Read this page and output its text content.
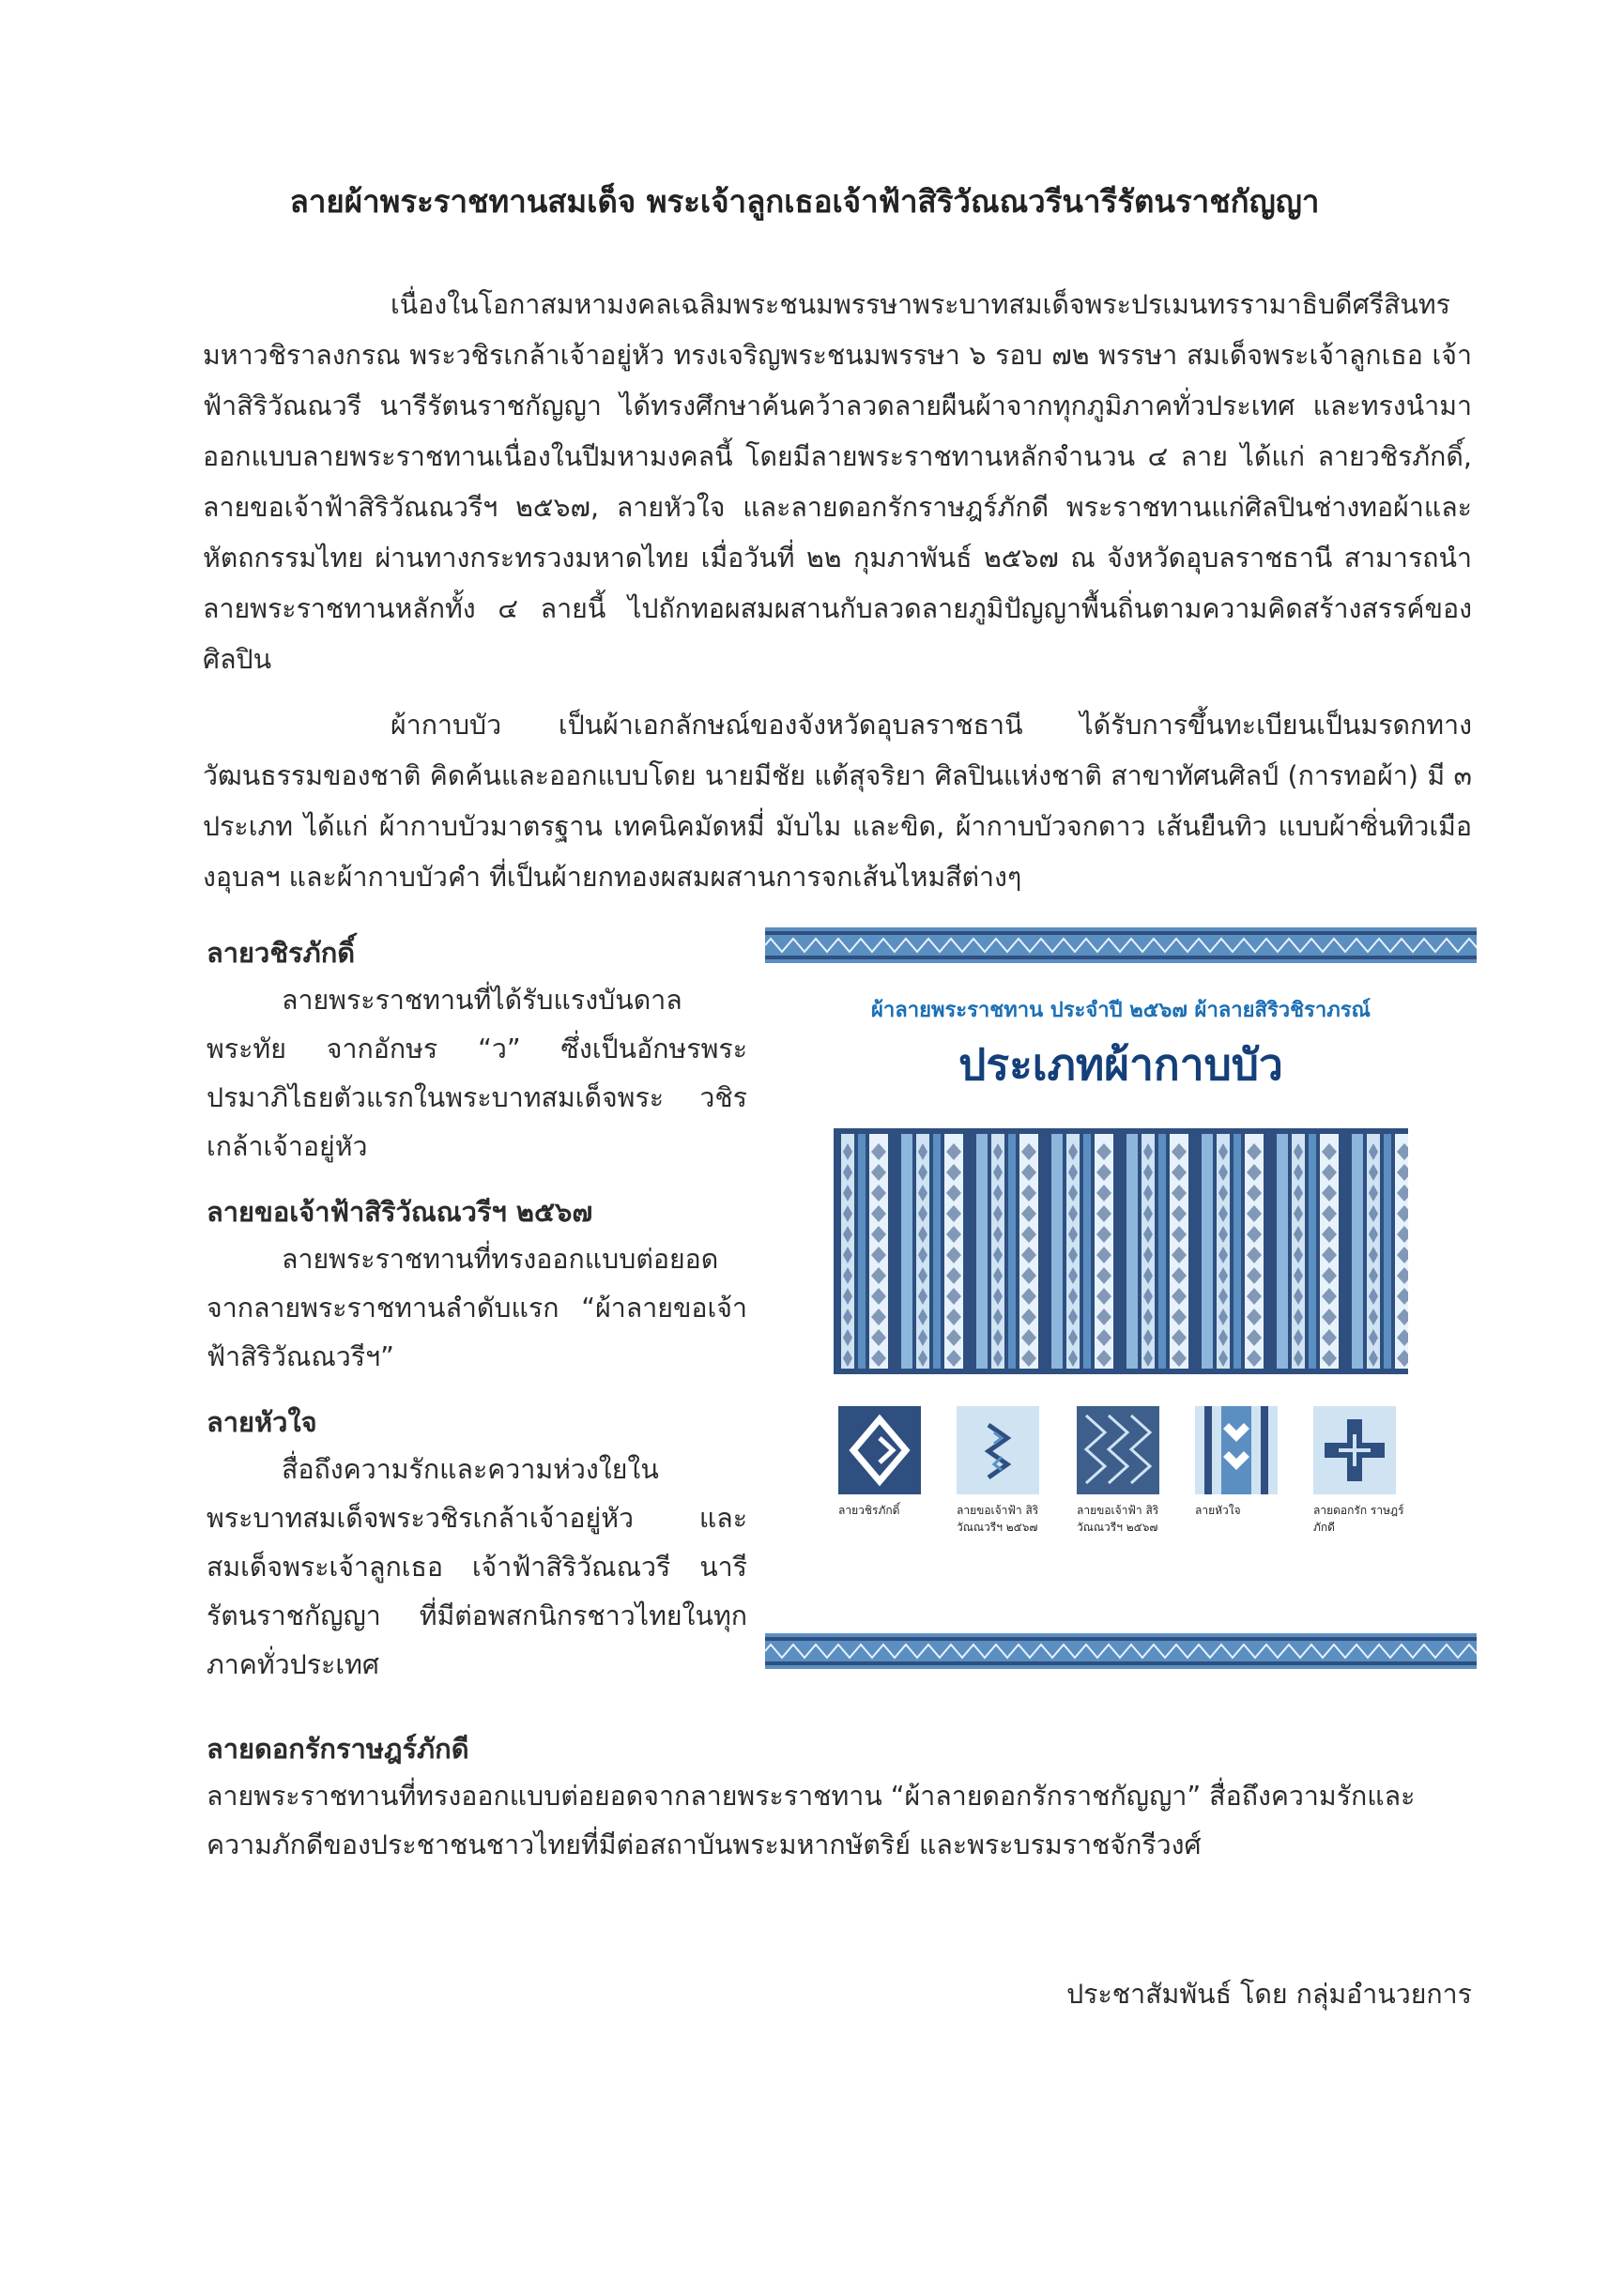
ลายผ้าพระราชทานสมเด็จ พระเจ้าลูกเธอเจ้าฟ้าสิริวัณณวรีนารีรัตนราชกัญญา
เนื่องในโอกาสมหามงคลเฉลิมพระชนมพรรษาพระบาทสมเด็จพระปรเมนทรรามาธิบดีศรีสินทรมหาวชิราลงกรณ พระวชิรเกล้าเจ้าอยู่หัว ทรงเจริญพระชนมพรรษา ๖ รอบ ๗๒ พรรษา สมเด็จพระเจ้าลูกเธอ เจ้าฟ้าสิริวัณณวรี นารีรัตนราชกัญญา ได้ทรงศึกษาค้นคว้าลวดลายผืนผ้าจากทุกภูมิภาคทั่วประเทศ และทรงนำมาออกแบบลายพระราชทานเนื่องในปีมหามงคลนี้ โดยมีลายพระราชทานหลักจำนวน ๔ ลาย ได้แก่ ลายวชิรภักดิ์, ลายขอเจ้าฟ้าสิริวัณณวรีฯ ๒๕๖๗, ลายหัวใจ และลายดอกรักราษฎร์ภักดี พระราชทานแก่ศิลปินช่างทอผ้าและหัตถกรรมไทย ผ่านทางกระทรวงมหาดไทย เมื่อวันที่ ๒๒ กุมภาพันธ์ ๒๕๖๗ ณ จังหวัดอุบลราชธานี สามารถนำลายพระราชทานหลักทั้ง ๔ ลายนี้ ไปถักทอผสมผสานกับลวดลายภูมิปัญญาพื้นถิ่นตามความคิดสร้างสรรค์ของศิลปิน
ผ้ากาบบัว เป็นผ้าเอกลักษณ์ของจังหวัดอุบลราชธานี ได้รับการขึ้นทะเบียนเป็นมรดกทางวัฒนธรรมของชาติ คิดค้นและออกแบบโดย นายมีชัย แต้สุจริยา ศิลปินแห่งชาติ สาขาทัศนศิลป์ (การทอผ้า) มี ๓ ประเภท ได้แก่ ผ้ากาบบัวมาตรฐาน เทคนิคมัดหมี่ มับไม และขิด, ผ้ากาบบัวจกดาว เส้นยืนทิว แบบผ้าซิ่นทิวเมืองอุบลฯ และผ้ากาบบัวคำ ที่เป็นผ้ายกทองผสมผสานการจกเส้นไหมสีต่างๆ

ลายวชิรภักดิ์

ลายพระราชทานที่ได้รับแรงบันดาลพระทัย จากอักษร “ว” ซึ่งเป็นอักษรพระปรมาภิไธยตัวแรกในพระบาทสมเด็จพระ วชิรเกล้าเจ้าอยู่หัว

ลายขอเจ้าฟ้าสิริวัณณวรีฯ ๒๕๖๗

ลายพระราชทานที่ทรงออกแบบต่อยอดจากลายพระราชทานลำดับแรก “ผ้าลายขอเจ้าฟ้าสิริวัณณวรีฯ”

ลายหัวใจ

สื่อถึงความรักและความห่วงใยในพระบาทสมเด็จพระวชิรเกล้าเจ้าอยู่หัว และสมเด็จพระเจ้าลูกเธอ เจ้าฟ้าสิริวัณณวรี นารีรัตนราชกัญญา ที่มีต่อพสกนิกรชาวไทยในทุกภาคทั่วประเทศ

ลายดอกรักราษฎร์ภักดี

ลายพระราชทานที่ทรงออกแบบต่อยอดจากลายพระราชทาน “ผ้าลายดอกรักราชกัญญา” สื่อถึงความรักและความภักดีของประชาชนชาวไทยที่มีต่อสถาบันพระมหากษัตริย์ และพระบรมราชจักรีวงศ์

ประชาสัมพันธ์ โดย กลุ่มอำนวยการ
ผ้าลายพระราชทาน ประจำปี ๒๕๖๗ ผ้าลายสิริวชิราภรณ์
ประเภทผ้ากาบบัว
ลายวชิรภักดิ์	ลายขอเจ้าฟ้า สิริวัณณวรีฯ ๒๕๖๗
ลายขอเจ้าฟ้า สิริวัณณวรีฯ ๒๕๖๗
ลายหัวใจ	ลายดอกรัก ราษฎร์ภักดี
